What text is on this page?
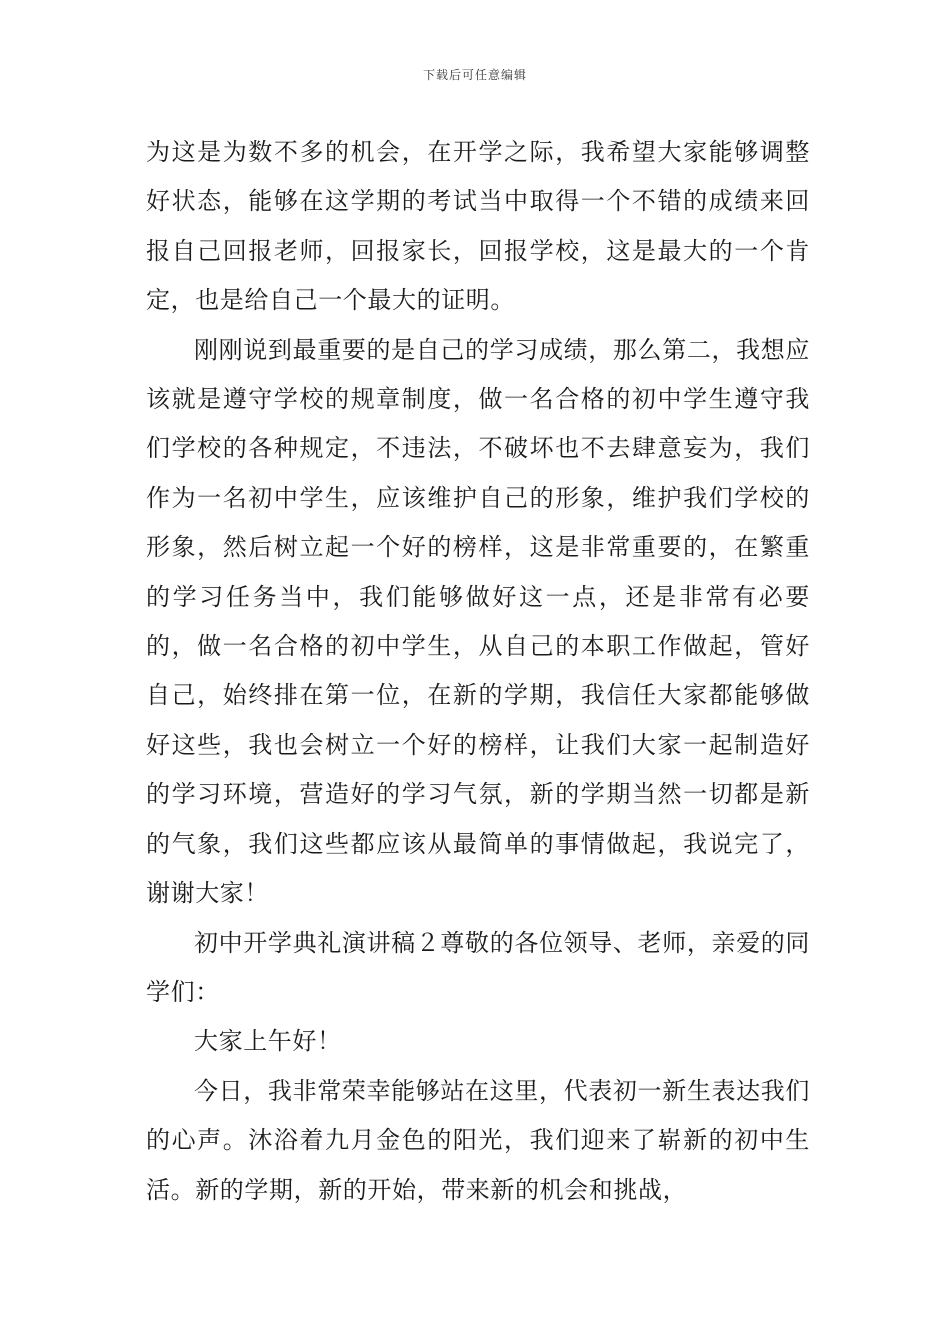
下载后可任意编辑

为这是为数不多的机会，在开学之际，我希望大家能够调整好状态，能够在这学期的考试当中取得一个不错的成绩来回报自己回报老师，回报家长，回报学校，这是最大的一个肯定，也是给自己一个最大的证明。

刚刚说到最重要的是自己的学习成绩，那么第二，我想应该就是遵守学校的规章制度，做一名合格的初中学生遵守我们学校的各种规定，不违法，不破坏也不去肆意妄为，我们作为一名初中学生，应该维护自己的形象，维护我们学校的形象，然后树立起一个好的榜样，这是非常重要的，在繁重的学习任务当中，我们能够做好这一点，还是非常有必要的，做一名合格的初中学生，从自己的本职工作做起，管好自己，始终排在第一位，在新的学期，我信任大家都能够做好这些，我也会树立一个好的榜样，让我们大家一起制造好的学习环境，营造好的学习气氛，新的学期当然一切都是新的气象，我们这些都应该从最简单的事情做起，我说完了，谢谢大家！

初中开学典礼演讲稿２尊敬的各位领导、老师，亲爱的同学们：

大家上午好！

今日，我非常荣幸能够站在这里，代表初一新生表达我们的心声。沐浴着九月金色的阳光，我们迎来了崭新的初中生活。新的学期，新的开始，带来新的机会和挑战，
